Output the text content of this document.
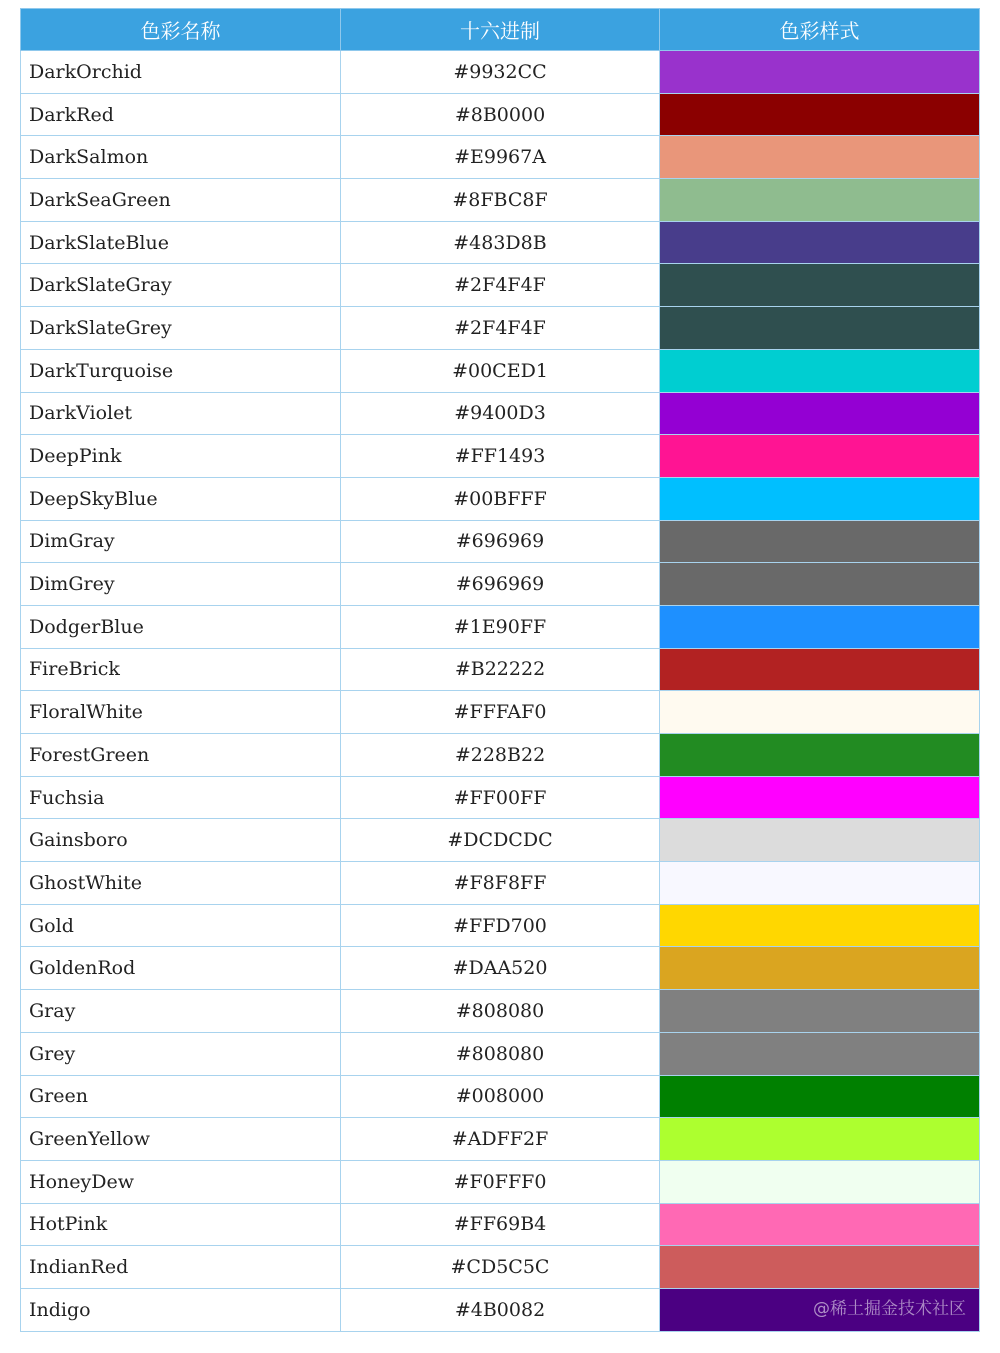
色彩名称	十六进制	色彩样式
DarkOrchid	#9932CC	
DarkRed	#8B0000	
DarkSalmon	#E9967A	
DarkSeaGreen	#8FBC8F	
DarkSlateBlue	#483D8B	
DarkSlateGray	#2F4F4F	
DarkSlateGrey	#2F4F4F	
DarkTurquoise	#00CED1	
DarkViolet	#9400D3	
DeepPink	#FF1493	
DeepSkyBlue	#00BFFF	
DimGray	#696969	
DimGrey	#696969	
DodgerBlue	#1E90FF	
FireBrick	#B22222	
FloralWhite	#FFFAF0	
ForestGreen	#228B22	
Fuchsia	#FF00FF	
Gainsboro	#DCDCDC	
GhostWhite	#F8F8FF	
Gold	#FFD700	
GoldenRod	#DAA520	
Gray	#808080	
Grey	#808080	
Green	#008000	
GreenYellow	#ADFF2F	
HoneyDew	#F0FFF0	
HotPink	#FF69B4	
IndianRed	#CD5C5C	
Indigo	#4B0082		@稀土掘金技术社区
